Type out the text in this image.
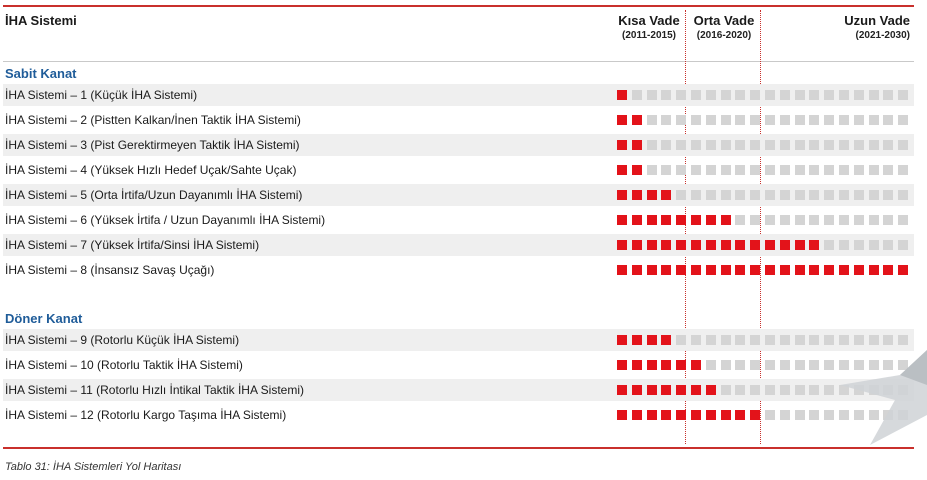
İHA Sistemi	Kısa Vade
(2011-2015)
Orta Vade
(2016-2020)
Uzun Vade
(2021-2030)
Sabit Kanat
Döner Kanat
İHA Sistemi – 1 (Küçük İHA Sistemi)
İHA Sistemi – 2 (Pistten Kalkan/İnen Taktik İHA Sistemi)
İHA Sistemi – 3 (Pist Gerektirmeyen Taktik İHA Sistemi)
İHA Sistemi – 4 (Yüksek Hızlı Hedef Uçak/Sahte Uçak)
İHA Sistemi – 5 (Orta İrtifa/Uzun Dayanımlı İHA Sistemi)
İHA Sistemi – 6 (Yüksek İrtifa / Uzun Dayanımlı İHA Sistemi)
İHA Sistemi – 7 (Yüksek İrtifa/Sinsi İHA Sistemi)
İHA Sistemi – 8 (İnsansız Savaş Uçağı)
İHA Sistemi – 9 (Rotorlu Küçük İHA Sistemi)
İHA Sistemi – 10 (Rotorlu Taktik İHA Sistemi)
İHA Sistemi – 11 (Rotorlu Hızlı İntikal Taktik İHA Sistemi)
İHA Sistemi – 12 (Rotorlu Kargo Taşıma İHA Sistemi)
Tablo 31: İHA Sistemleri Yol Haritası
